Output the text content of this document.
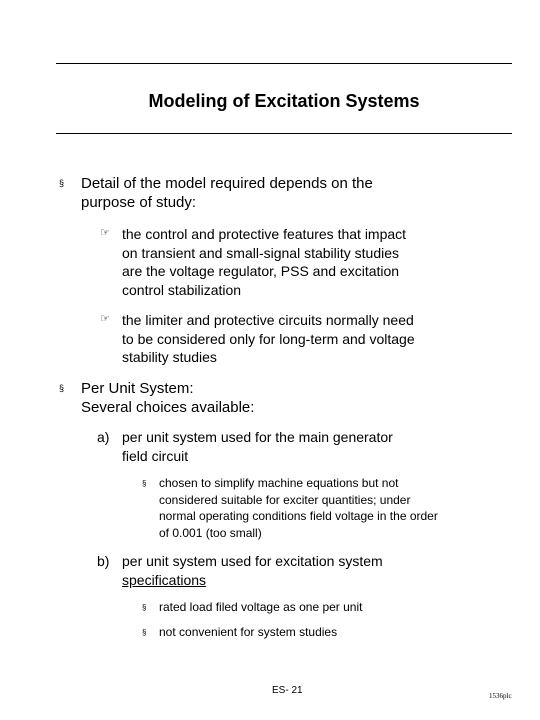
Modeling of Excitation Systems
§ Detail of the model required depends on the
purpose of study:
☞ the control and protective features that impact
on transient and small-signal stability studies
are the voltage regulator, PSS and excitation
control stabilization
☞ the limiter and protective circuits normally need
to be considered only for long-term and voltage
stability studies
§ Per Unit System:
Several choices available:
a) per unit system used for the main generator
field circuit
§ chosen to simplify machine equations but not
considered suitable for exciter quantities; under
normal operating conditions field voltage in the order
of 0.001 (too small)
b) per unit system used for excitation system
specifications
§ rated load filed voltage as one per unit
§ not convenient for system studies
ES- 21	1536plc
